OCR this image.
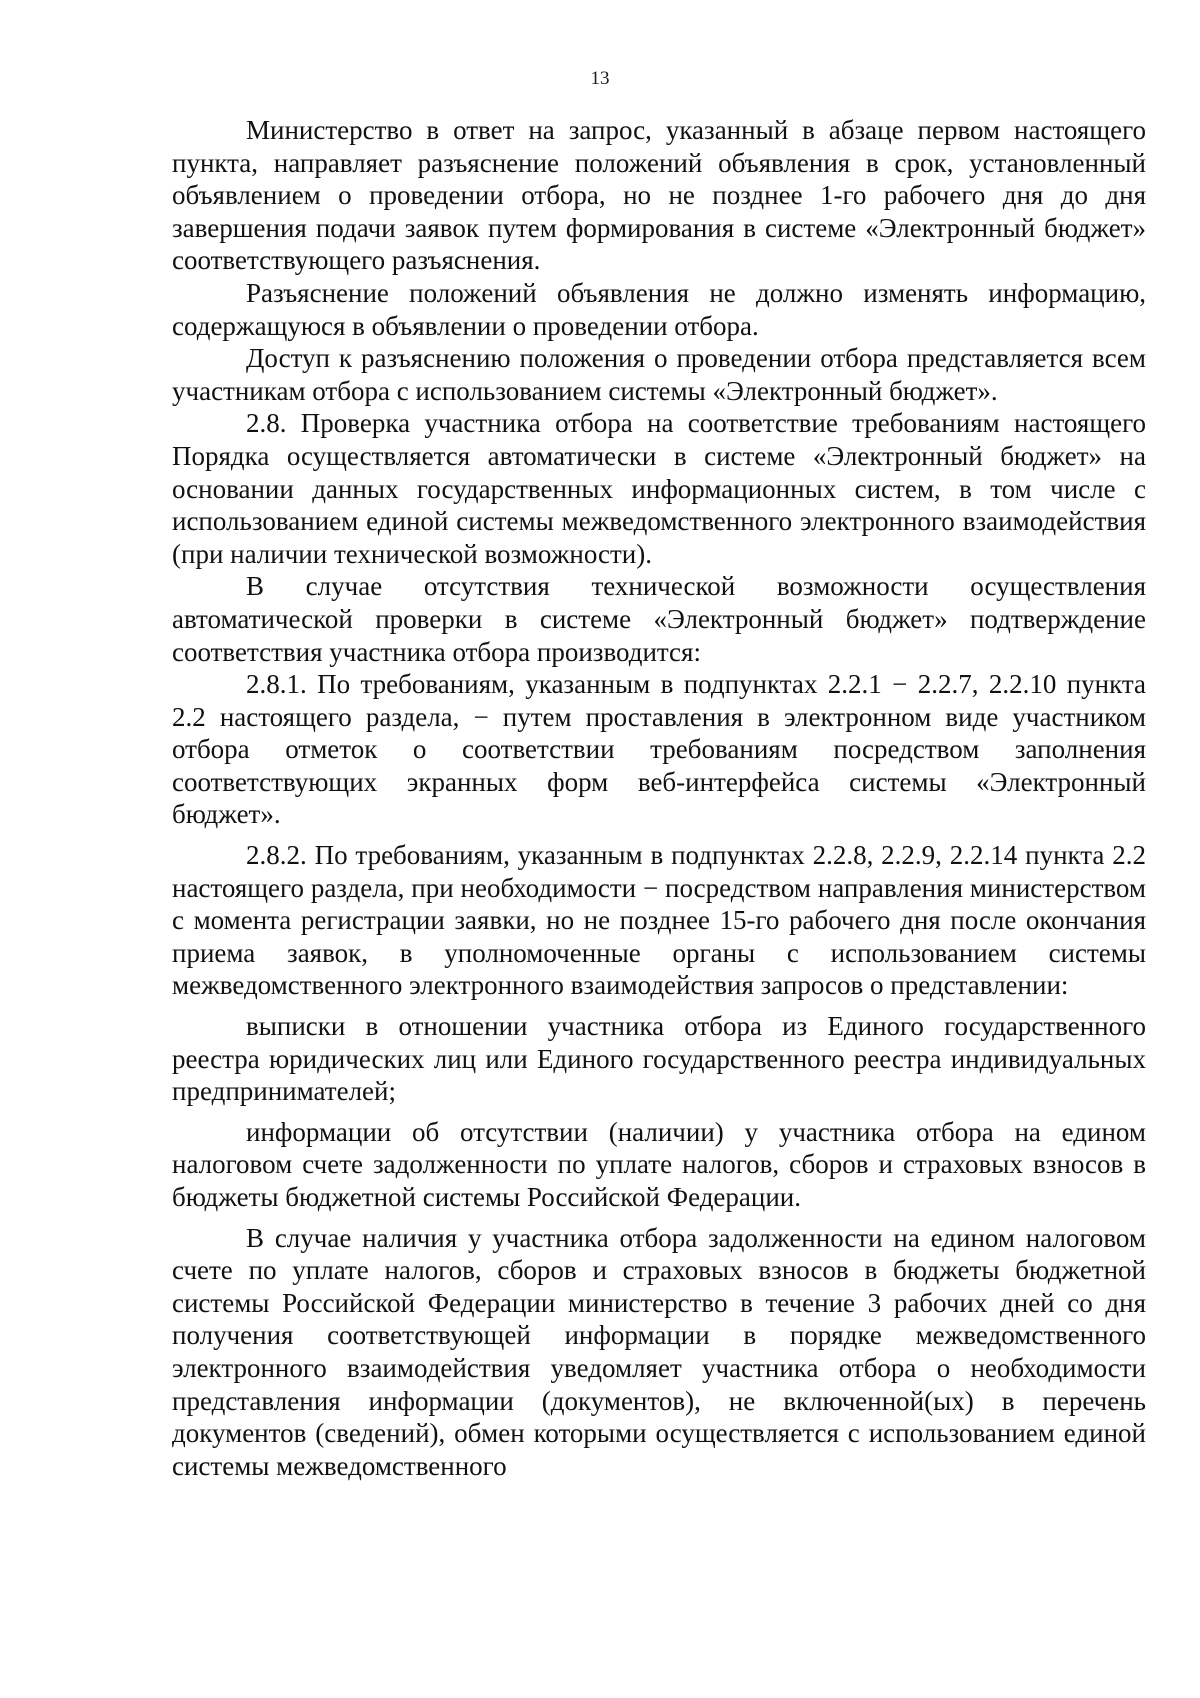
13

Министерство в ответ на запрос, указанный в абзаце первом настоящего пункта, направляет разъяснение положений объявления в срок, установленный объявлением о проведении отбора, но не позднее 1-го рабочего дня до дня завершения подачи заявок путем формирования в системе «Электронный бюджет» соответствующего разъяснения.

Разъяснение положений объявления не должно изменять информацию, содержащуюся в объявлении о проведении отбора.

Доступ к разъяснению положения о проведении отбора представляется всем участникам отбора с использованием системы «Электронный бюджет».

2.8. Проверка участника отбора на соответствие требованиям настоящего Порядка осуществляется автоматически в системе «Электронный бюджет» на основании данных государственных информационных систем, в том числе с использованием единой системы межведомственного электронного взаимодействия (при наличии технической возможности).

В случае отсутствия технической возможности осуществления автоматической проверки в системе «Электронный бюджет» подтверждение соответствия участника отбора производится:

2.8.1. По требованиям, указанным в подпунктах 2.2.1 − 2.2.7, 2.2.10 пункта 2.2 настоящего раздела, − путем проставления в электронном виде участником отбора отметок о соответствии требованиям посредством заполнения соответствующих экранных форм веб-интерфейса системы «Электронный бюджет».

2.8.2. По требованиям, указанным в подпунктах 2.2.8, 2.2.9, 2.2.14 пункта 2.2 настоящего раздела, при необходимости − посредством направления министерством с момента регистрации заявки, но не позднее 15-го рабочего дня после окончания приема заявок, в уполномоченные органы с использованием системы межведомственного электронного взаимодействия запросов о представлении:

выписки в отношении участника отбора из Единого государственного реестра юридических лиц или Единого государственного реестра индивидуальных предпринимателей;

информации об отсутствии (наличии) у участника отбора на едином налоговом счете задолженности по уплате налогов, сборов и страховых взносов в бюджеты бюджетной системы Российской Федерации.

В случае наличия у участника отбора задолженности на едином налоговом счете по уплате налогов, сборов и страховых взносов в бюджеты бюджетной системы Российской Федерации министерство в течение 3 рабочих дней со дня получения соответствующей информации в порядке межведомственного электронного взаимодействия уведомляет участника отбора о необходимости представления информации (документов), не включенной(ых) в перечень документов (сведений), обмен которыми осуществляется с использованием единой системы межведомственного
